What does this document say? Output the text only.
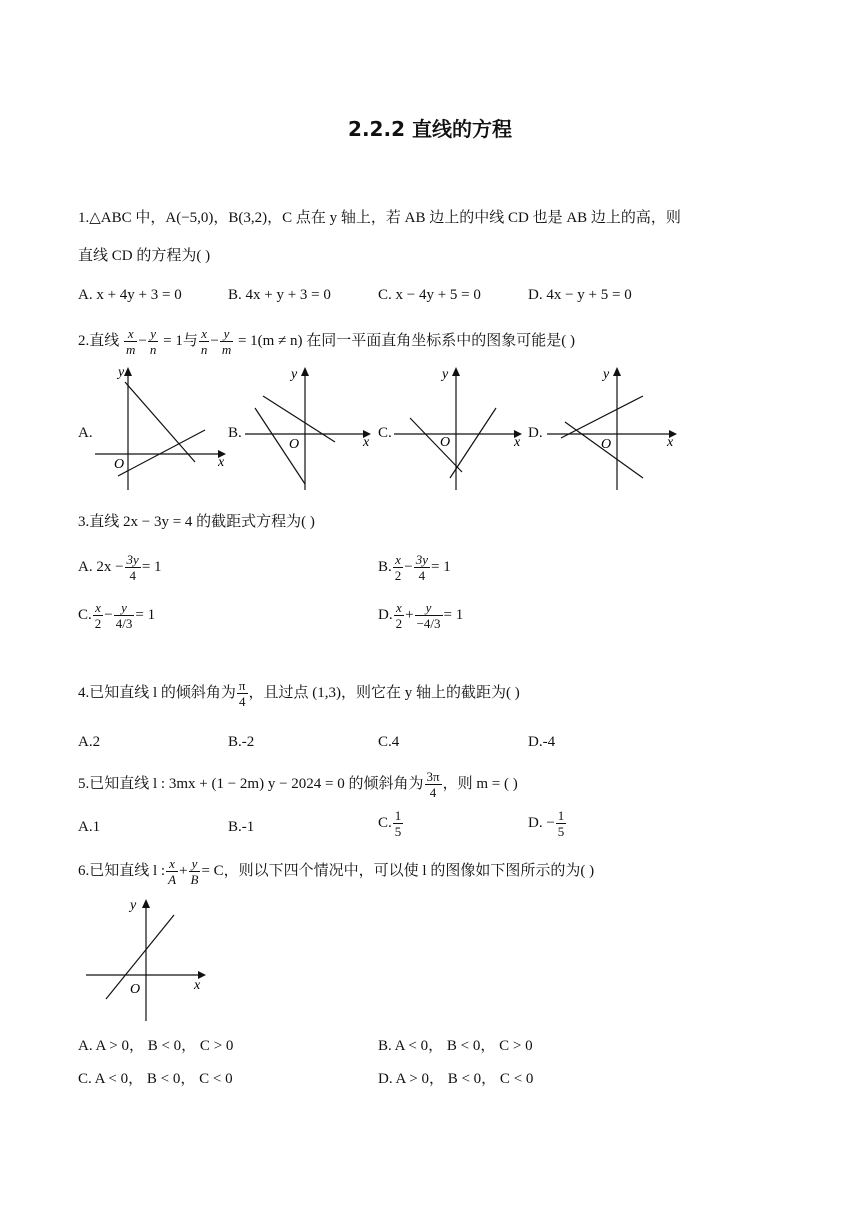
2.2.2 直线的方程
1.△ABC 中，A(−5,0)，B(3,2)，C 点在 y 轴上，若 AB 边上的中线 CD 也是 AB 边上的高，则
直线 CD 的方程为( )
A. x + 4y + 3 = 0	B. 4x + y + 3 = 0	C. x − 4y + 5 = 0	D. 4x − y + 5 = 0
2.直线 $\frac{x}{m} - \frac{y}{n} = 1$与 $\frac{x}{n} - \frac{y}{m} = 1(m \ne n)$ 在同一平面直角坐标系中的图象可能是( )
A.
x
y
O
B.
x
y
O
C.
x
y
O
D.
x
y
O
3.直线 2x − 3y = 4 的截距式方程为( )
A. $2x - \frac{3y}{4} = 1$	B. $\frac{x}{2} - \frac{3y}{4} = 1$
C. $\frac{x}{2} - \frac{y}{4/3} = 1$	D. $\frac{x}{2} + \frac{y}{-4/3} = 1$
4.已知直线 l 的倾斜角为 $\frac{\pi}{4}$ ，且过点 (1,3)，则它在 y 轴上的截距为( )
A.2	B.-2	C.4	D.-4
5.已知直线 l : 3mx + (1 − 2m) y − 2024 = 0 的倾斜角为 $\frac{3\pi}{4}$ ，则 m = ( )
A.1	B.-1	C. $\frac{1}{5}$	D. − $\frac{1}{5}$
6.已知直线 l : $\frac{x}{A} + \frac{y}{B} = C$，则以下四个情况中，可以使 l 的图像如下图所示的为( )
x
y
O
A. A > 0， B < 0， C > 0	B. A < 0， B < 0， C > 0
C. A < 0， B < 0， C < 0	D. A > 0， B < 0， C < 0
